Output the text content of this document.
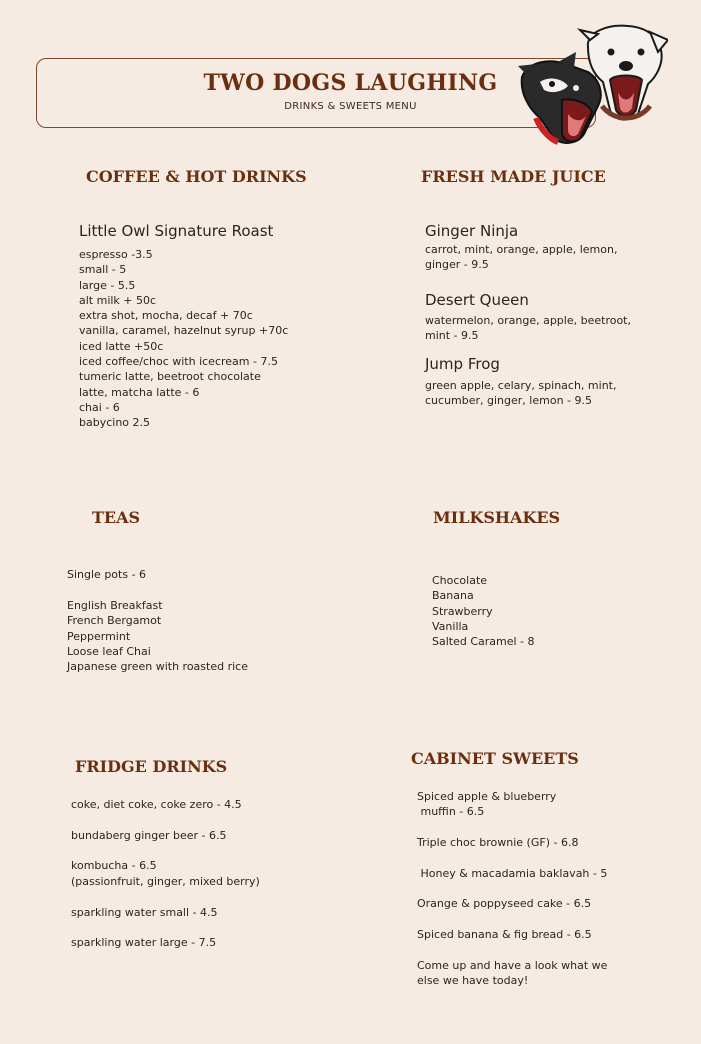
TWO DOGS LAUGHING
DRINKS & SWEETS MENU
COFFEE & HOT DRINKS
Little Owl Signature Roast
espresso -3.5
small - 5
large - 5.5
alt milk + 50c
extra shot, mocha, decaf + 70c
vanilla, caramel, hazelnut syrup +70c
iced latte +50c
iced coffee/choc with icecream - 7.5
tumeric latte, beetroot chocolate
latte, matcha latte - 6
chai - 6
babycino 2.5
FRESH MADE JUICE
Ginger Ninja
carrot, mint, orange, apple, lemon,
ginger - 9.5
Desert Queen
watermelon, orange, apple, beetroot,
mint - 9.5
Jump Frog
green apple, celary, spinach, mint,
cucumber, ginger, lemon - 9.5
TEAS
Single pots - 6
English Breakfast
French Bergamot
Peppermint
Loose leaf Chai
Japanese green with roasted rice
MILKSHAKES
Chocolate
Banana
Strawberry
Vanilla
Salted Caramel - 8
FRIDGE DRINKS
coke, diet coke, coke zero - 4.5
bundaberg ginger beer - 6.5
kombucha - 6.5
(passionfruit, ginger, mixed berry)
sparkling water small - 4.5
sparkling water large - 7.5
CABINET SWEETS
Spiced apple & blueberry
muffin - 6.5
Triple choc brownie (GF) - 6.8
Honey & macadamia baklavah - 5
Orange & poppyseed cake - 6.5
Spiced banana & fig bread - 6.5
Come up and have a look what we
else we have today!
